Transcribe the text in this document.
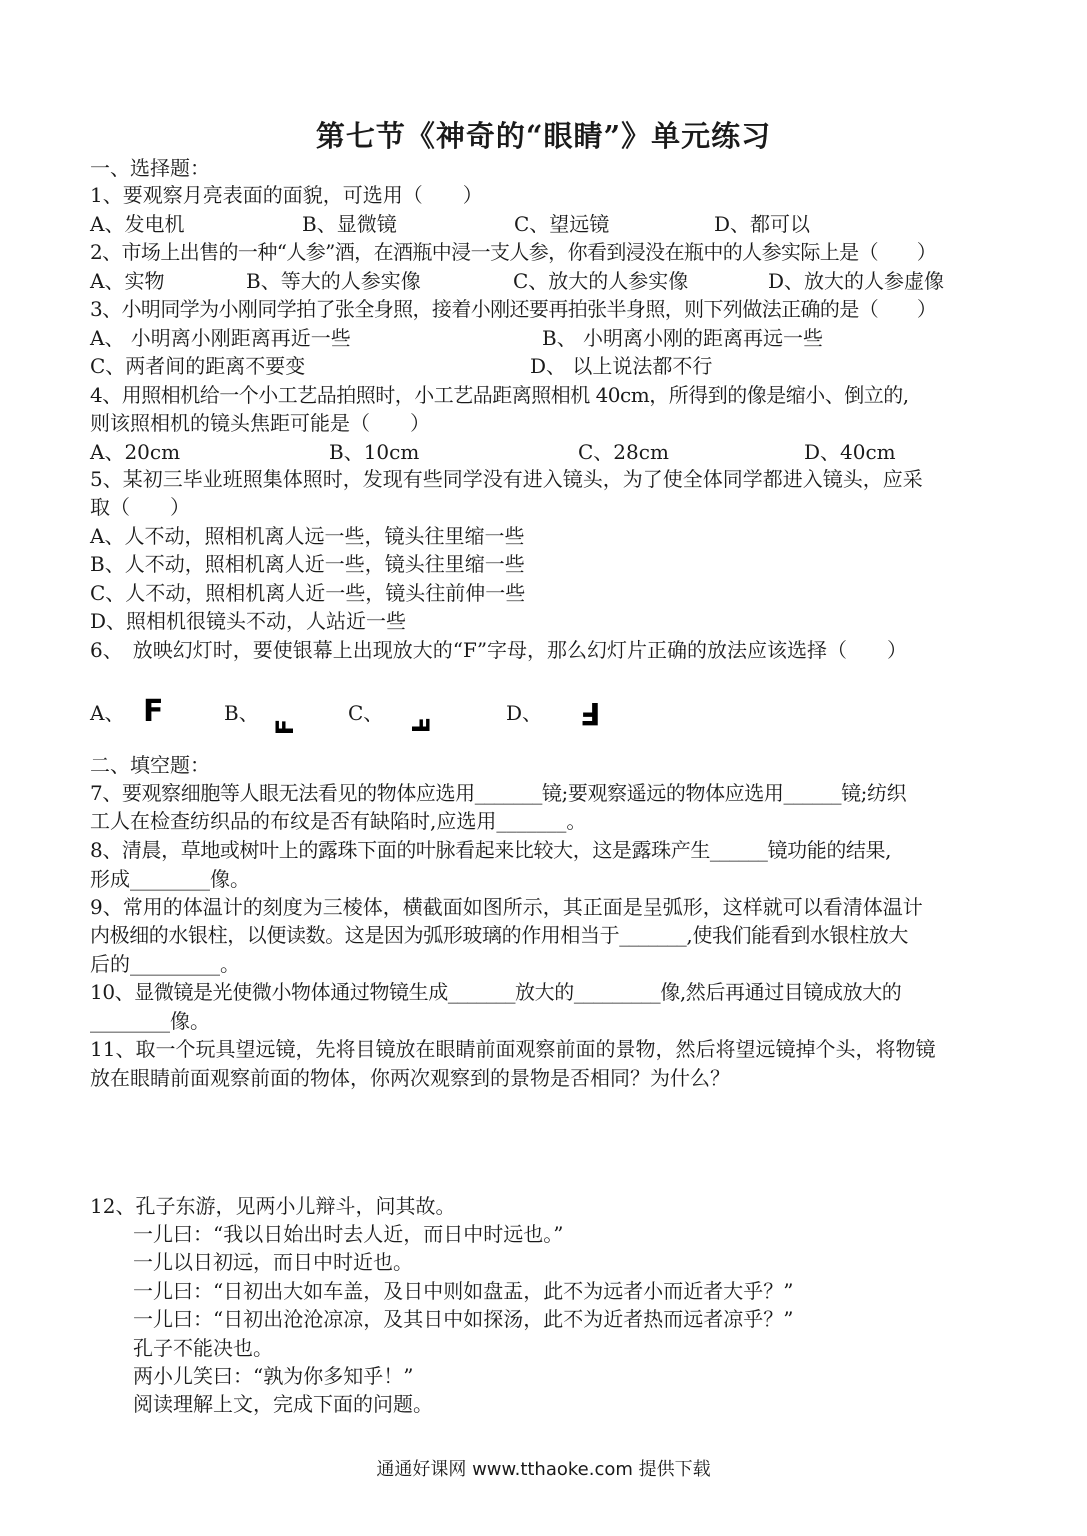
第七节《神奇的“眼睛”》单元练习
一、选择题：
1、要观察月亮表面的面貌，可选用（　　）
A、发电机	B、显微镜	C、望远镜	D、都可以
2、市场上出售的一种“人参”酒，在酒瓶中浸一支人参，你看到浸没在瓶中的人参实际上是（　　）
A、实物	B、等大的人参实像	C、放大的人参实像	D、放大的人参虚像
3、小明同学为小刚同学拍了张全身照，接着小刚还要再拍张半身照，则下列做法正确的是（　　）
A、 小明离小刚距离再近一些	B、 小明离小刚的距离再远一些
C、两者间的距离不要变	D、 以上说法都不行
4、用照相机给一个小工艺品拍照时，小工艺品距离照相机 40cm，所得到的像是缩小、倒立的,
则该照相机的镜头焦距可能是（　　）
A、20cm	B、10cm	C、28cm	D、40cm
5、某初三毕业班照集体照时，发现有些同学没有进入镜头，为了使全体同学都进入镜头，应采
取（　　）
A、人不动，照相机离人远一些，镜头往里缩一些
B、人不动，照相机离人近一些，镜头往里缩一些
C、人不动，照相机离人近一些，镜头往前伸一些
D、照相机很镜头不动，人站近一些
6、　放映幻灯时，要使银幕上出现放大的“F”字母，那么幻灯片正确的放法应该选择（　　）
A、 F	B、
F
C、 F	D、 F
二、填空题：
7、要观察细胞等人眼无法看见的物体应选用_______镜;要观察遥远的物体应选用______镜;纺织
工人在检查纺织品的布纹是否有缺陷时,应选用_______。
8、清晨，草地或树叶上的露珠下面的叶脉看起来比较大，这是露珠产生______镜功能的结果,
形成________像。
9、常用的体温计的刻度为三棱体，横截面如图所示，其正面是呈弧形，这样就可以看清体温计
内极细的水银柱，以便读数。这是因为弧形玻璃的作用相当于_______,使我们能看到水银柱放大
后的_________。
10、显微镜是光使微小物体通过物镜生成_______放大的_________像,然后再通过目镜成放大的
________像。
11、取一个玩具望远镜，先将目镜放在眼睛前面观察前面的景物，然后将望远镜掉个头，将物镜
放在眼睛前面观察前面的物体，你两次观察到的景物是否相同？为什么？
12、孔子东游，见两小儿辩斗，问其故。
一儿曰：“我以日始出时去人近，而日中时远也。”
一儿以日初远，而日中时近也。
一儿曰：“日初出大如车盖，及日中则如盘盂，此不为远者小而近者大乎？”
一儿曰：“日初出沧沧凉凉，及其日中如探汤，此不为近者热而远者凉乎？”
孔子不能决也。
两小儿笑曰：“孰为你多知乎！”
阅读理解上文，完成下面的问题。
通通好课网 www.tthaoke.com 提供下载
